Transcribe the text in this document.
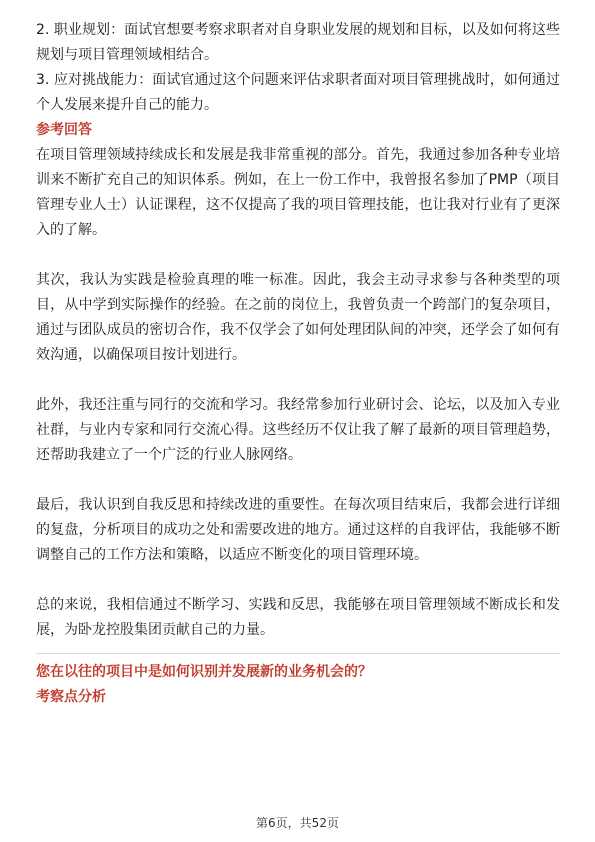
2. 职业规划：面试官想要考察求职者对自身职业发展的规划和目标，以及如何将这些规划与项目管理领域相结合。

3. 应对挑战能力：面试官通过这个问题来评估求职者面对项目管理挑战时，如何通过个人发展来提升自己的能力。

参考回答

在项目管理领域持续成长和发展是我非常重视的部分。首先，我通过参加各种专业培训来不断扩充自己的知识体系。例如，在上一份工作中，我曾报名参加了PMP（项目管理专业人士）认证课程，这不仅提高了我的项目管理技能，也让我对行业有了更深入的了解。

其次，我认为实践是检验真理的唯一标准。因此，我会主动寻求参与各种类型的项目，从中学到实际操作的经验。在之前的岗位上，我曾负责一个跨部门的复杂项目，通过与团队成员的密切合作，我不仅学会了如何处理团队间的冲突，还学会了如何有效沟通，以确保项目按计划进行。

此外，我还注重与同行的交流和学习。我经常参加行业研讨会、论坛，以及加入专业社群，与业内专家和同行交流心得。这些经历不仅让我了解了最新的项目管理趋势，还帮助我建立了一个广泛的行业人脉网络。

最后，我认识到自我反思和持续改进的重要性。在每次项目结束后，我都会进行详细的复盘，分析项目的成功之处和需要改进的地方。通过这样的自我评估，我能够不断调整自己的工作方法和策略，以适应不断变化的项目管理环境。

总的来说，我相信通过不断学习、实践和反思，我能够在项目管理领域不断成长和发展，为卧龙控股集团贡献自己的力量。

您在以往的项目中是如何识别并发展新的业务机会的？

考察点分析

第6页，共52页
